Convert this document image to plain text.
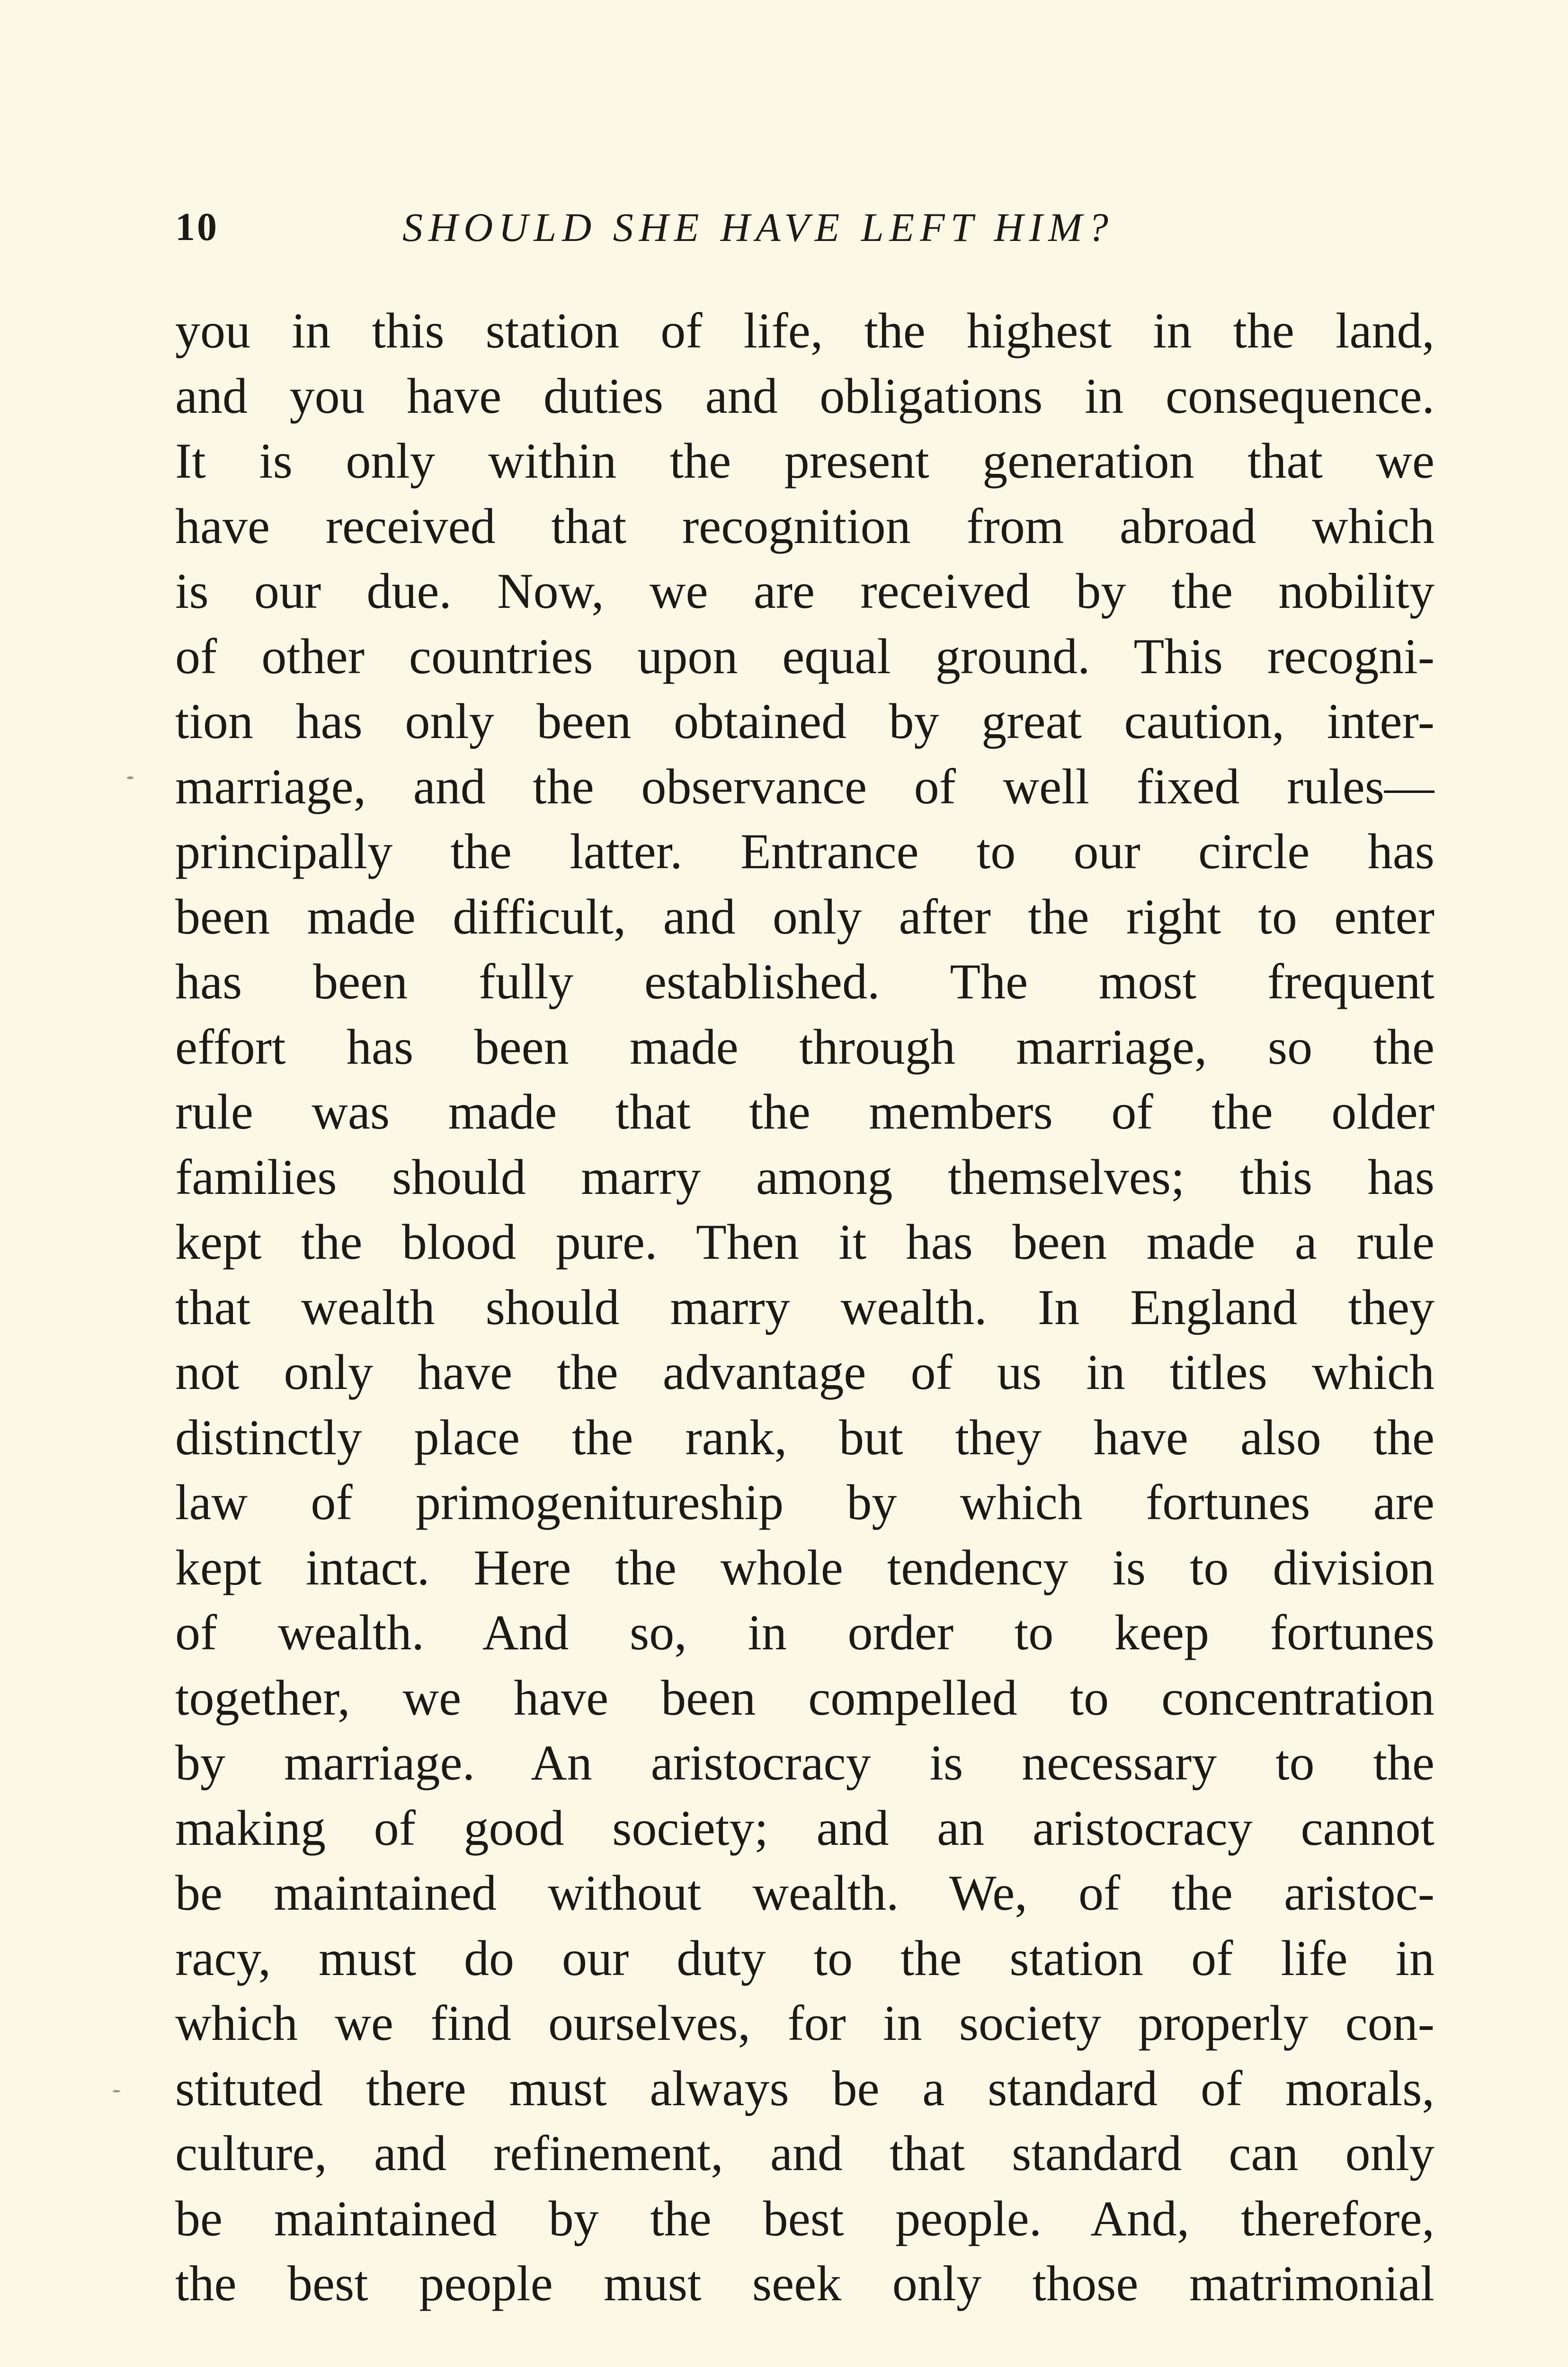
10	SHOULD SHE HAVE LEFT HIM?
you in this station of life, the highest in the land,
and you have duties and obligations in consequence.
It is only within the present generation that we
have received that recognition from abroad which
is our due. Now, we are received by the nobility
of other countries upon equal ground. This recogni-
tion has only been obtained by great caution, inter-
marriage, and the observance of well fixed rules—
principally the latter. Entrance to our circle has
been made difficult, and only after the right to enter
has been fully established. The most frequent
effort has been made through marriage, so the
rule was made that the members of the older
families should marry among themselves; this has
kept the blood pure. Then it has been made a rule
that wealth should marry wealth. In England they
not only have the advantage of us in titles which
distinctly place the rank, but they have also the
law of primogenitureship by which fortunes are
kept intact. Here the whole tendency is to division
of wealth. And so, in order to keep fortunes
together, we have been compelled to concentration
by marriage. An aristocracy is necessary to the
making of good society; and an aristocracy cannot
be maintained without wealth. We, of the aristoc-
racy, must do our duty to the station of life in
which we find ourselves, for in society properly con-
stituted there must always be a standard of morals,
culture, and refinement, and that standard can only
be maintained by the best people. And, therefore,
the best people must seek only those matrimonial
